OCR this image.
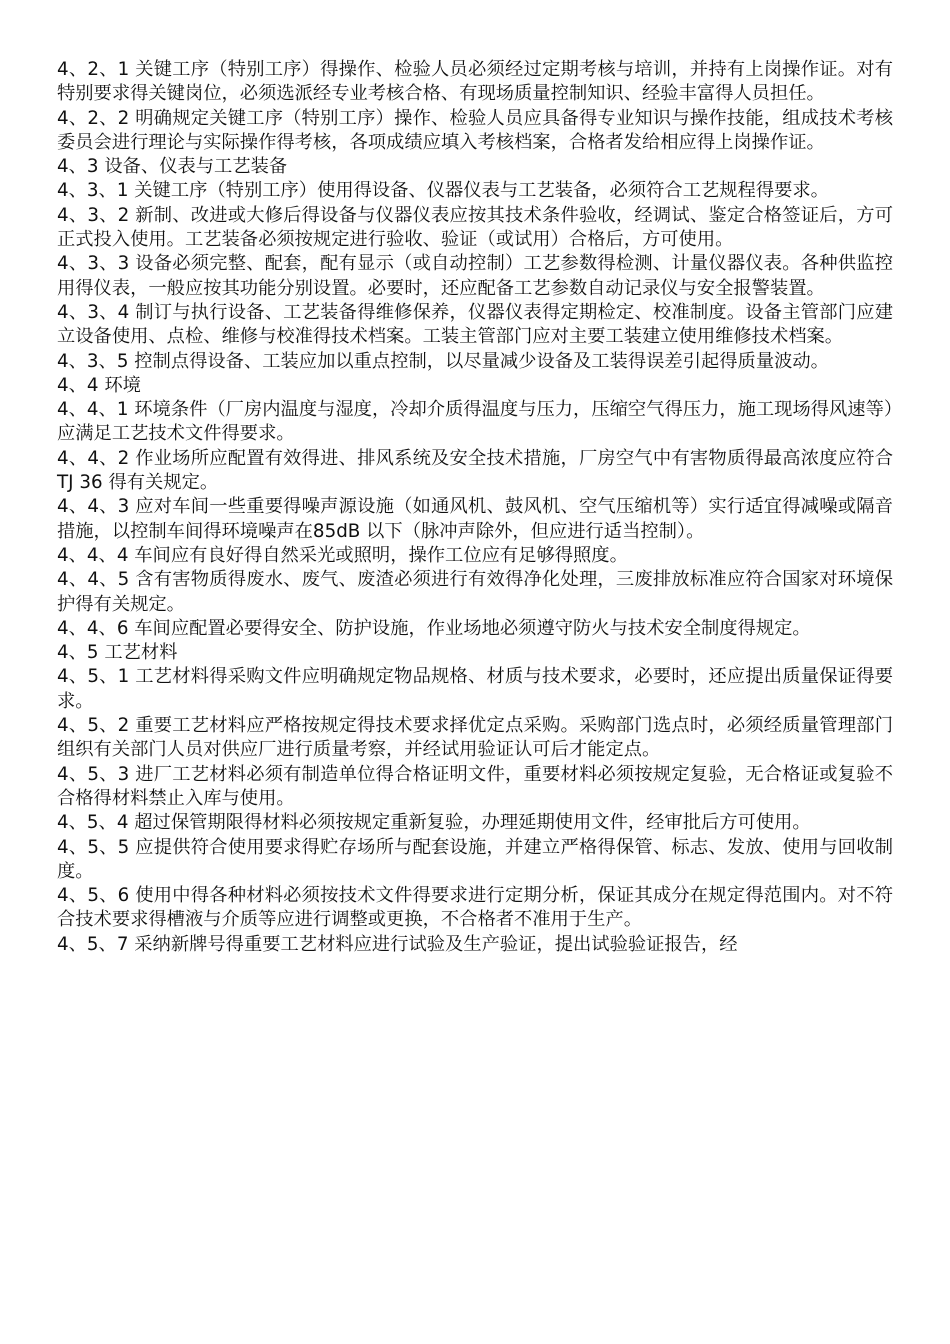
4、2、1 关键工序（特别工序）得操作、检验人员必须经过定期考核与培训，并持有上岗操作证。对有特别要求得关键岗位，必须选派经专业考核合格、有现场质量控制知识、经验丰富得人员担任。

4、2、2 明确规定关键工序（特别工序）操作、检验人员应具备得专业知识与操作技能，组成技术考核委员会进行理论与实际操作得考核，各项成绩应填入考核档案，合格者发给相应得上岗操作证。

4、3 设备、仪表与工艺装备

4、3、1 关键工序（特别工序）使用得设备、仪器仪表与工艺装备，必须符合工艺规程得要求。

4、3、2 新制、改进或大修后得设备与仪器仪表应按其技术条件验收，经调试、鉴定合格签证后，方可正式投入使用。工艺装备必须按规定进行验收、验证（或试用）合格后，方可使用。

4、3、3 设备必须完整、配套，配有显示（或自动控制）工艺参数得检测、计量仪器仪表。各种供监控用得仪表，一般应按其功能分别设置。必要时，还应配备工艺参数自动记录仪与安全报警装置。

4、3、4 制订与执行设备、工艺装备得维修保养，仪器仪表得定期检定、校准制度。设备主管部门应建立设备使用、点检、维修与校准得技术档案。工装主管部门应对主要工装建立使用维修技术档案。

4、3、5 控制点得设备、工装应加以重点控制，以尽量减少设备及工装得误差引起得质量波动。

4、4 环境

4、4、1 环境条件（厂房内温度与湿度，冷却介质得温度与压力，压缩空气得压力，施工现场得风速等）应满足工艺技术文件得要求。

4、4、2 作业场所应配置有效得进、排风系统及安全技术措施，厂房空气中有害物质得最高浓度应符合TJ 36 得有关规定。

4、4、3 应对车间一些重要得噪声源设施（如通风机、鼓风机、空气压缩机等）实行适宜得减噪或隔音措施，以控制车间得环境噪声在85dB 以下（脉冲声除外，但应进行适当控制）。

4、4、4 车间应有良好得自然采光或照明，操作工位应有足够得照度。

4、4、5 含有害物质得废水、废气、废渣必须进行有效得净化处理，三废排放标准应符合国家对环境保护得有关规定。

4、4、6 车间应配置必要得安全、防护设施，作业场地必须遵守防火与技术安全制度得规定。

4、5 工艺材料

4、5、1 工艺材料得采购文件应明确规定物品规格、材质与技术要求，必要时，还应提出质量保证得要求。

4、5、2 重要工艺材料应严格按规定得技术要求择优定点采购。采购部门选点时，必须经质量管理部门组织有关部门人员对供应厂进行质量考察，并经试用验证认可后才能定点。

4、5、3 进厂工艺材料必须有制造单位得合格证明文件，重要材料必须按规定复验，无合格证或复验不合格得材料禁止入库与使用。

4、5、4 超过保管期限得材料必须按规定重新复验，办理延期使用文件，经审批后方可使用。

4、5、5 应提供符合使用要求得贮存场所与配套设施，并建立严格得保管、标志、发放、使用与回收制度。

4、5、6 使用中得各种材料必须按技术文件得要求进行定期分析，保证其成分在规定得范围内。对不符合技术要求得槽液与介质等应进行调整或更换，不合格者不准用于生产。

4、5、7 采纳新牌号得重要工艺材料应进行试验及生产验证，提出试验验证报告，经
